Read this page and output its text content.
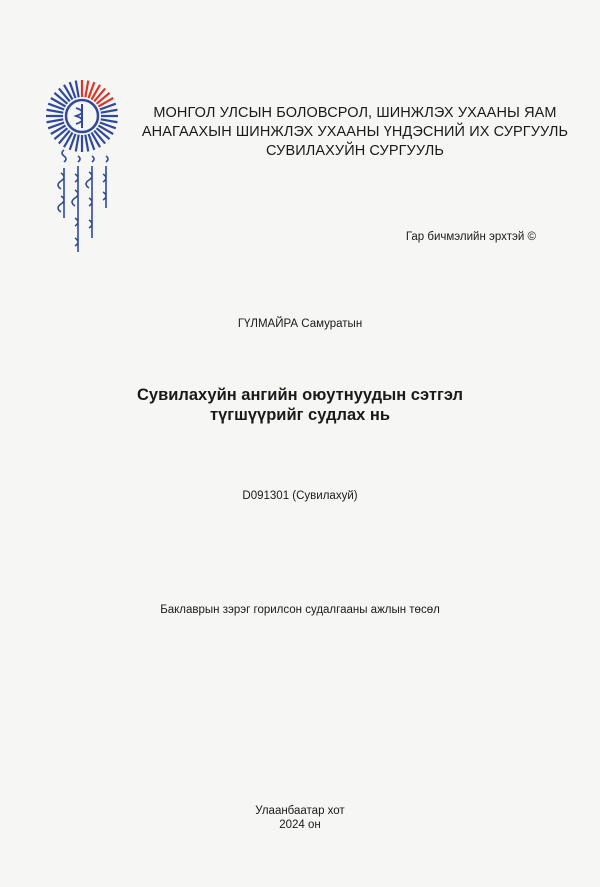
МОНГОЛ УЛСЫН БОЛОВСРОЛ, ШИНЖЛЭХ УХААНЫ ЯАМ
АНАГААХЫН ШИНЖЛЭХ УХААНЫ ҮНДЭСНИЙ ИХ СУРГУУЛЬ
СУВИЛАХУЙН СУРГУУЛЬ
Гар бичмэлийн эрхтэй ©
ГҮЛМАЙРА Самуратын
Сувилахуйн ангийн оюутнуудын сэтгэл
түгшүүрийг судлах нь
D091301 (Сувилахуй)
Баклаврын зэрэг горилсон судалгааны ажлын төсөл
Улаанбаатар хот
2024 он
